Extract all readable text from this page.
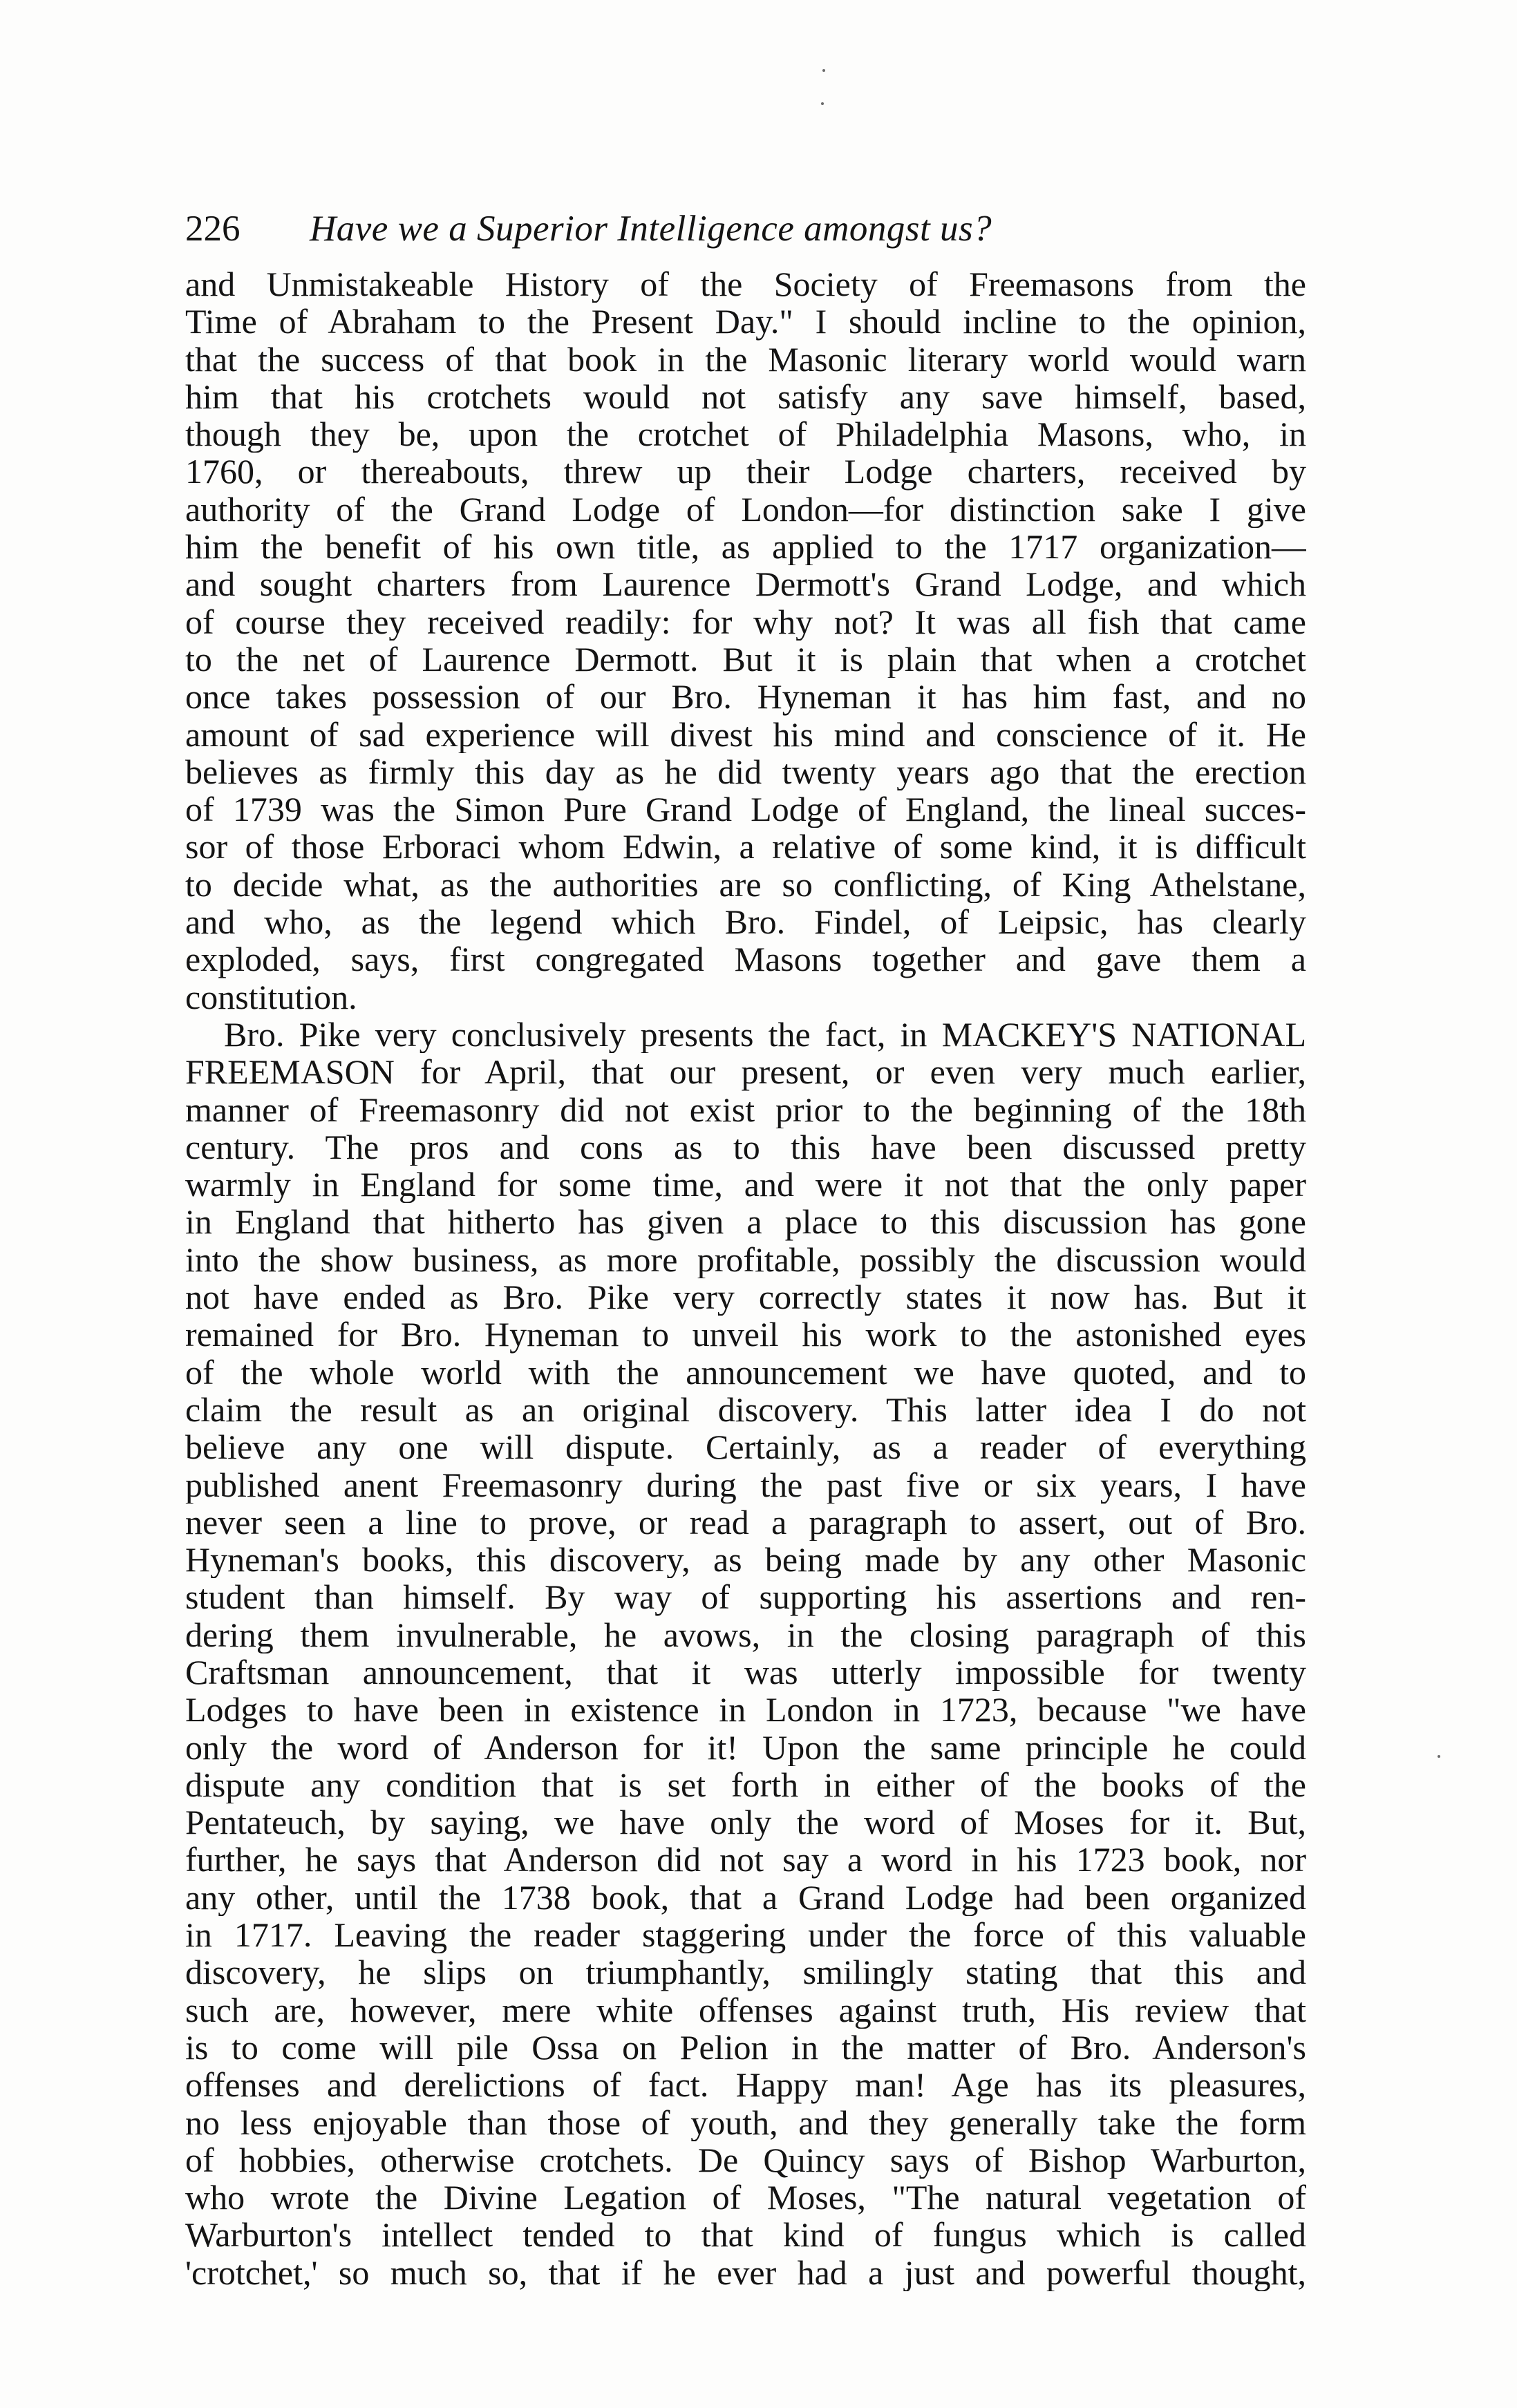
226 Have we a Superior Intelligence amongst us?
and Unmistakeable History of the Society of Freemasons from the
Time of Abraham to the Present Day." I should incline to the opinion,
that the success of that book in the Masonic literary world would warn
him that his crotchets would not satisfy any save himself, based,
though they be, upon the crotchet of Philadelphia Masons, who, in
1760, or thereabouts, threw up their Lodge charters, received by
authority of the Grand Lodge of London—for distinction sake I give
him the benefit of his own title, as applied to the 1717 organization—
and sought charters from Laurence Dermott's Grand Lodge, and which
of course they received readily: for why not? It was all fish that came
to the net of Laurence Dermott. But it is plain that when a crotchet
once takes possession of our Bro. Hyneman it has him fast, and no
amount of sad experience will divest his mind and conscience of it. He
believes as firmly this day as he did twenty years ago that the erection
of 1739 was the Simon Pure Grand Lodge of England, the lineal succes-
sor of those Erboraci whom Edwin, a relative of some kind, it is difficult
to decide what, as the authorities are so conflicting, of King Athelstane,
and who, as the legend which Bro. Findel, of Leipsic, has clearly
exploded, says, first congregated Masons together and gave them a
constitution.
Bro. Pike very conclusively presents the fact, in MACKEY'S NATIONAL
FREEMASON for April, that our present, or even very much earlier,
manner of Freemasonry did not exist prior to the beginning of the 18th
century. The pros and cons as to this have been discussed pretty
warmly in England for some time, and were it not that the only paper
in England that hitherto has given a place to this discussion has gone
into the show business, as more profitable, possibly the discussion would
not have ended as Bro. Pike very correctly states it now has. But it
remained for Bro. Hyneman to unveil his work to the astonished eyes
of the whole world with the announcement we have quoted, and to
claim the result as an original discovery. This latter idea I do not
believe any one will dispute. Certainly, as a reader of everything
published anent Freemasonry during the past five or six years, I have
never seen a line to prove, or read a paragraph to assert, out of Bro.
Hyneman's books, this discovery, as being made by any other Masonic
student than himself. By way of supporting his assertions and ren-
dering them invulnerable, he avows, in the closing paragraph of this
Craftsman announcement, that it was utterly impossible for twenty
Lodges to have been in existence in London in 1723, because "we have
only the word of Anderson for it! Upon the same principle he could
dispute any condition that is set forth in either of the books of the
Pentateuch, by saying, we have only the word of Moses for it. But,
further, he says that Anderson did not say a word in his 1723 book, nor
any other, until the 1738 book, that a Grand Lodge had been organized
in 1717. Leaving the reader staggering under the force of this valuable
discovery, he slips on triumphantly, smilingly stating that this and
such are, however, mere white offenses against truth, His review that
is to come will pile Ossa on Pelion in the matter of Bro. Anderson's
offenses and derelictions of fact. Happy man! Age has its pleasures,
no less enjoyable than those of youth, and they generally take the form
of hobbies, otherwise crotchets. De Quincy says of Bishop Warburton,
who wrote the Divine Legation of Moses, "The natural vegetation of
Warburton's intellect tended to that kind of fungus which is called
'crotchet,' so much so, that if he ever had a just and powerful thought,
